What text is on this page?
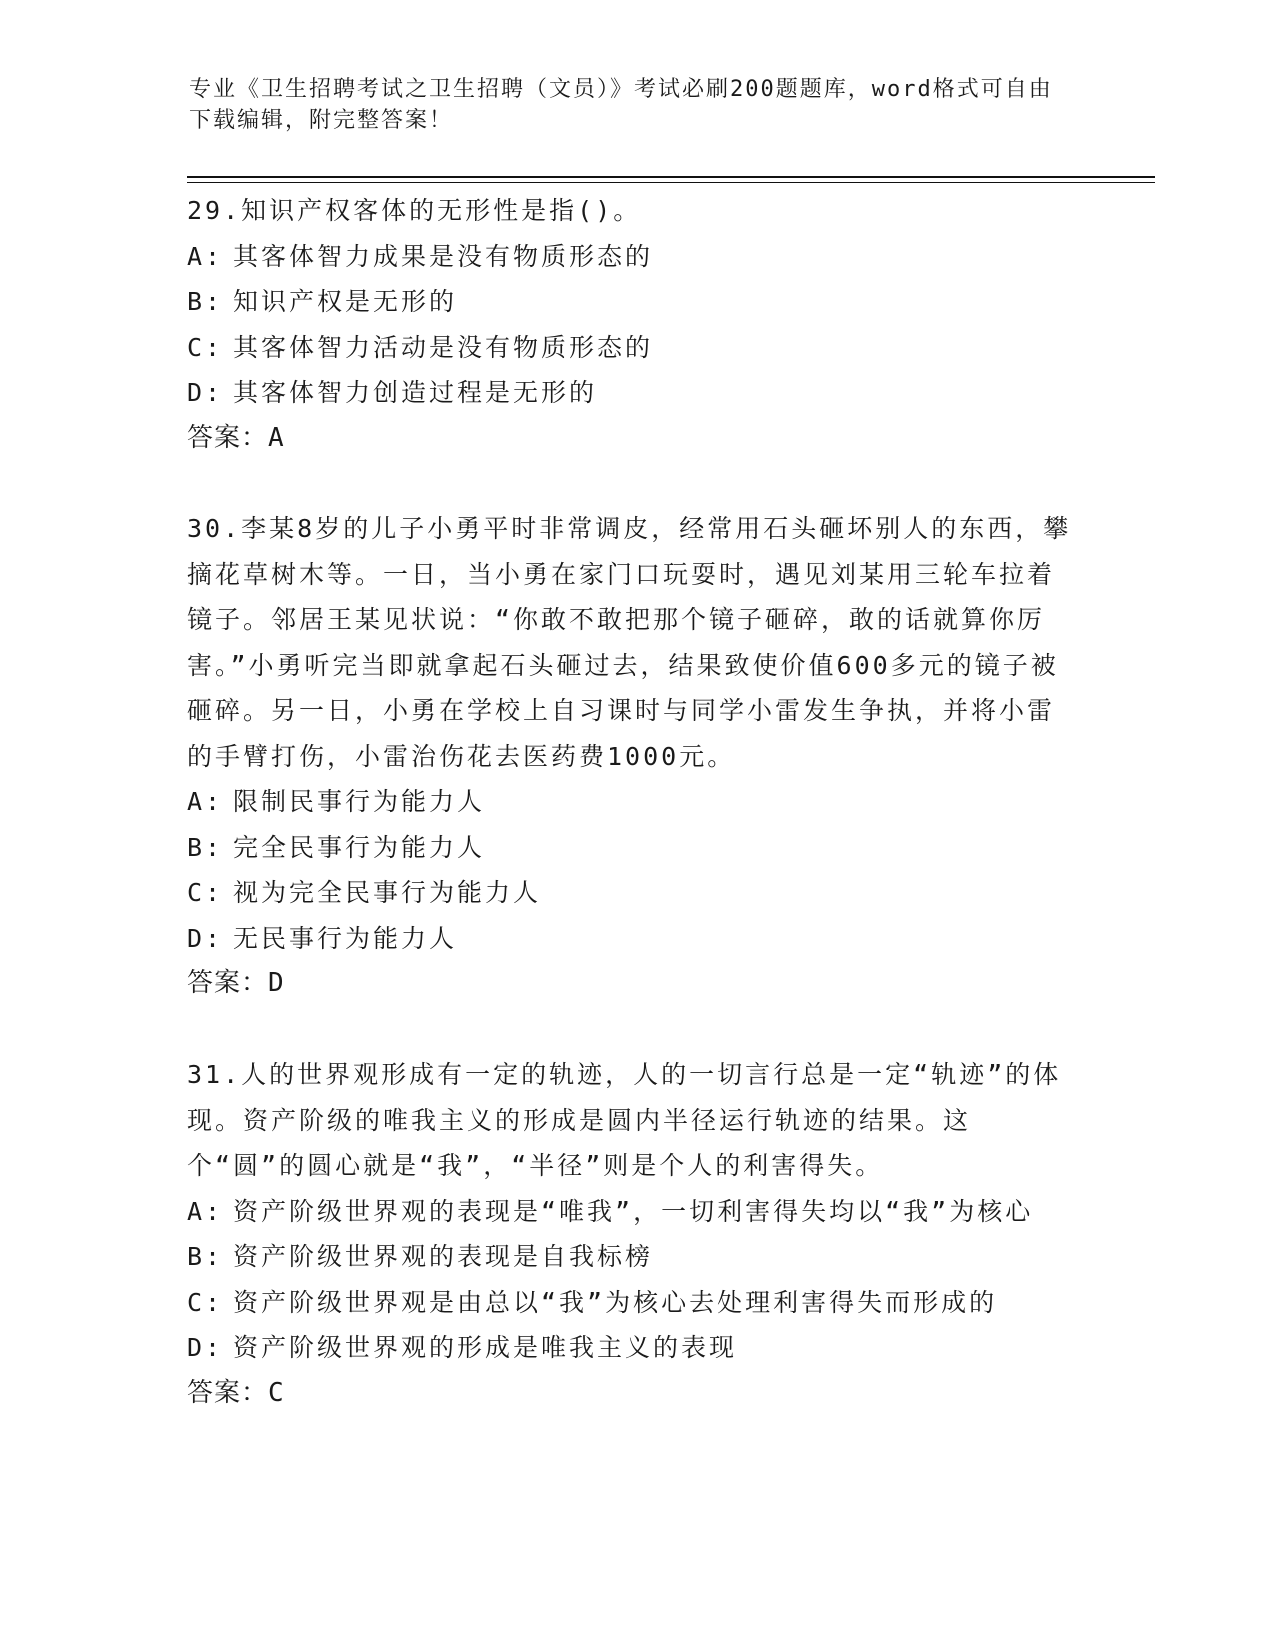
专业《卫生招聘考试之卫生招聘（文员）》考试必刷200题题库，word格式可自由下载编辑，附完整答案！
29.知识产权客体的无形性是指()。
A: 其客体智力成果是没有物质形态的
B: 知识产权是无形的
C: 其客体智力活动是没有物质形态的
D: 其客体智力创造过程是无形的
答案：A
30.李某8岁的儿子小勇平时非常调皮，经常用石头砸坏别人的东西，攀摘花草树木等。一日，当小勇在家门口玩耍时，遇见刘某用三轮车拉着镜子。邻居王某见状说：“你敢不敢把那个镜子砸碎，敢的话就算你厉害。”小勇听完当即就拿起石头砸过去，结果致使价值600多元的镜子被砸碎。另一日，小勇在学校上自习课时与同学小雷发生争执，并将小雷的手臂打伤，小雷治伤花去医药费1000元。
A: 限制民事行为能力人
B: 完全民事行为能力人
C: 视为完全民事行为能力人
D: 无民事行为能力人
答案：D
31.人的世界观形成有一定的轨迹，人的一切言行总是一定“轨迹”的体现。资产阶级的唯我主义的形成是圆内半径运行轨迹的结果。这个“圆”的圆心就是“我”，“半径”则是个人的利害得失。
A: 资产阶级世界观的表现是“唯我”，一切利害得失均以“我”为核心
B: 资产阶级世界观的表现是自我标榜
C: 资产阶级世界观是由总以“我”为核心去处理利害得失而形成的
D: 资产阶级世界观的形成是唯我主义的表现
答案：C
